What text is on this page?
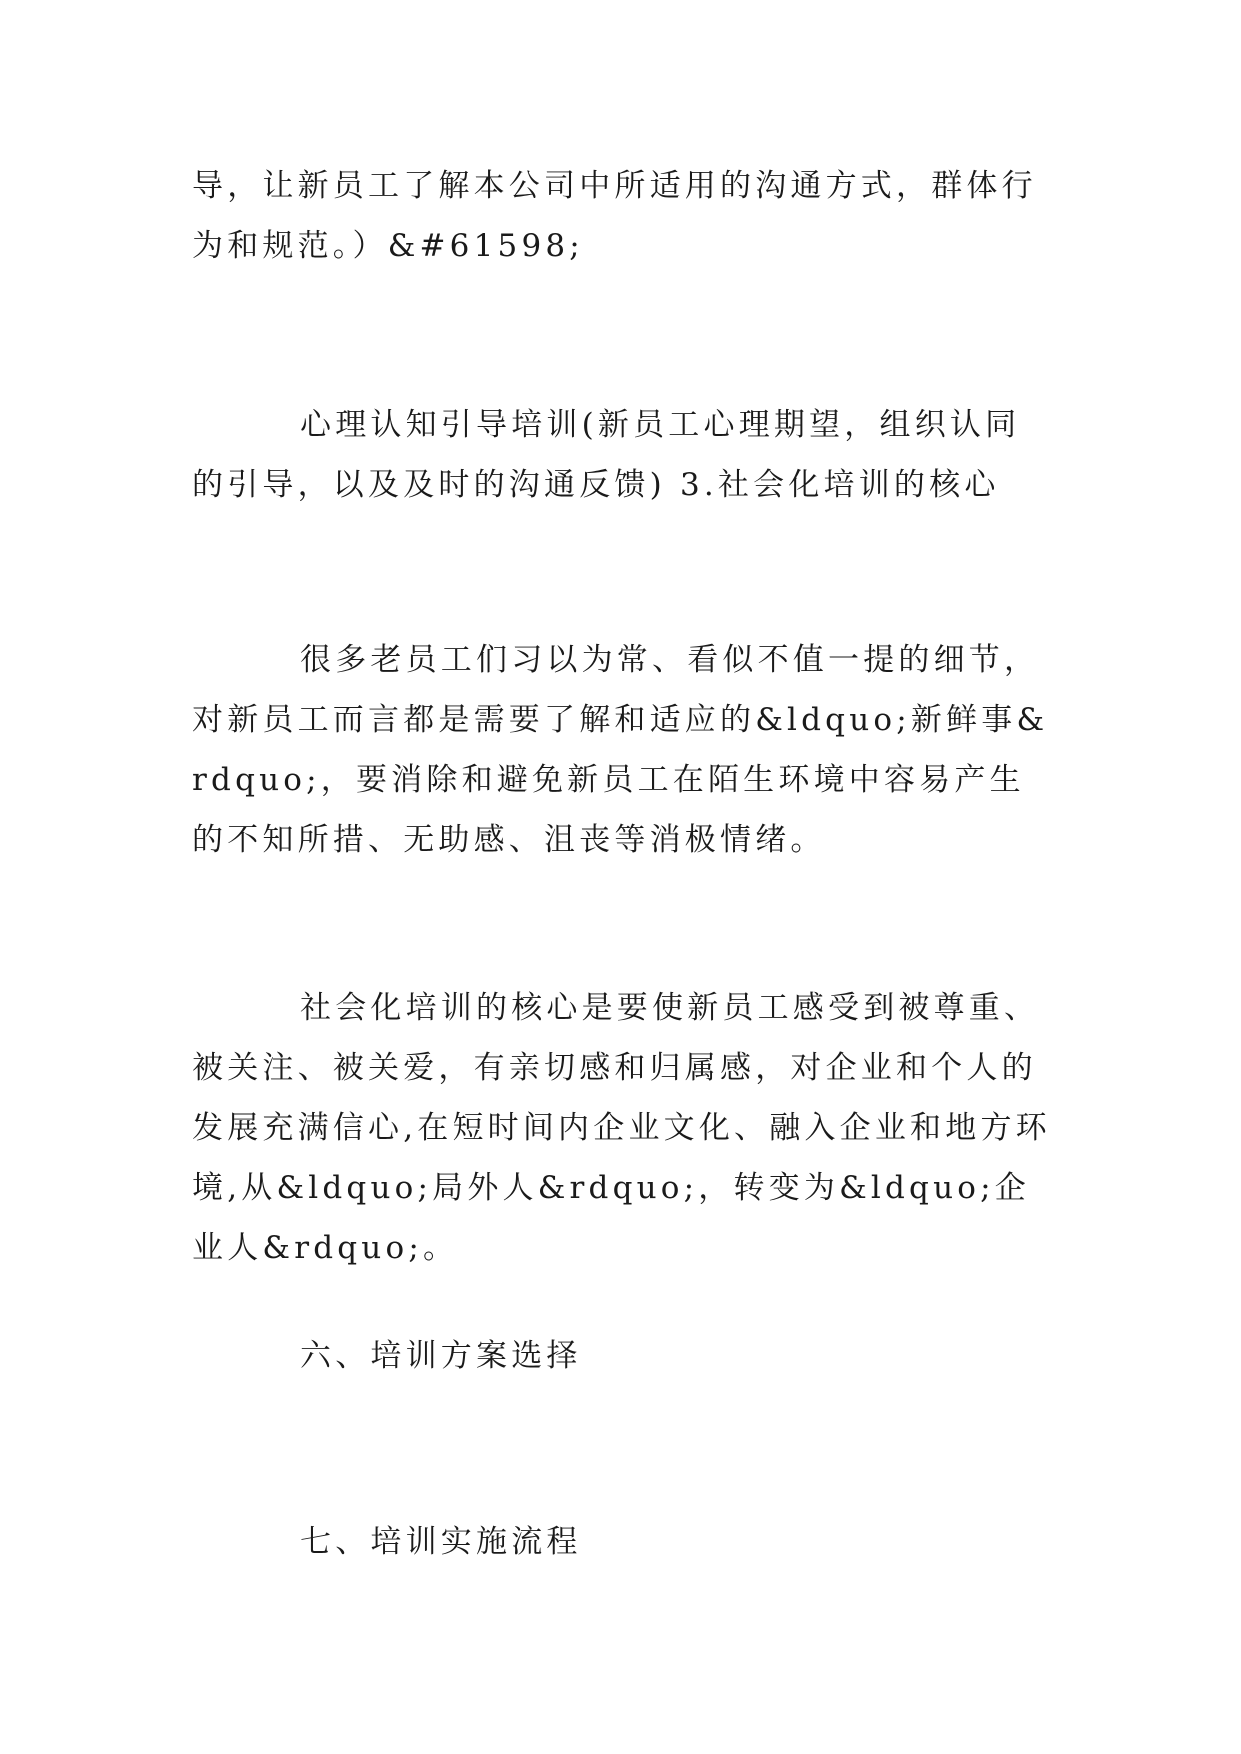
导，让新员工了解本公司中所适用的沟通方式，群体行为和规范。）&#61598;

心理认知引导培训(新员工心理期望，组织认同的引导，以及及时的沟通反馈) 3.社会化培训的核心

很多老员工们习以为常、看似不值一提的细节，对新员工而言都是需要了解和适应的&ldquo;新鲜事&rdquo;，要消除和避免新员工在陌生环境中容易产生的不知所措、无助感、沮丧等消极情绪。

社会化培训的核心是要使新员工感受到被尊重、被关注、被关爱，有亲切感和归属感，对企业和个人的发展充满信心,在短时间内企业文化、融入企业和地方环境,从&ldquo;局外人&rdquo;，转变为&ldquo;企业人&rdquo;。

六、培训方案选择

七、培训实施流程
